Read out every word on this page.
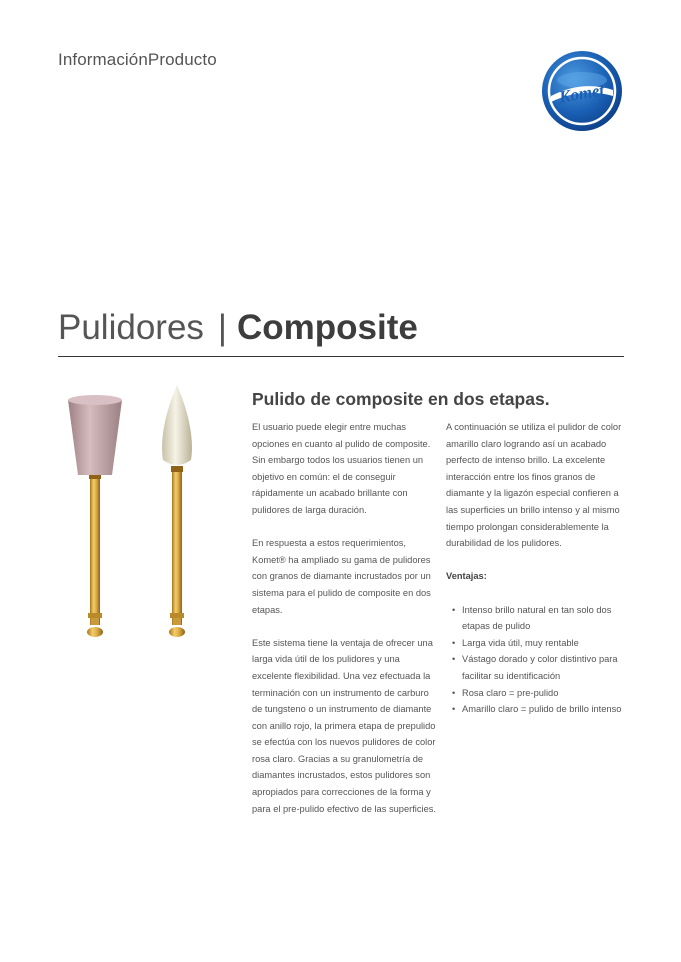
InformaciónProducto
Komet
Pulidores | Composite
Pulido de composite en dos etapas.

El usuario puede elegir entre muchas opciones en cuanto al pulido de composite. Sin embargo todos los usuarios tienen un objetivo en común: el de conseguir rápidamente un acabado brillante con pulidores de larga duración.

En respuesta a estos requerimientos, Komet® ha ampliado su gama de pulidores con granos de diamante incrustados por un sistema para el pulido de composite en dos etapas.

Este sistema tiene la ventaja de ofrecer una larga vida útil de los pulidores y una excelente flexibilidad. Una vez efectuada la terminación con un instrumento de carburo de tungsteno o un instrumento de diamante con anillo rojo, la primera etapa de prepulido se efectúa con los nuevos pulidores de color rosa claro. Gracias a su granulometría de diamantes incrustados, estos pulidores son apropiados para correcciones de la forma y para el pre-pulido efectivo de las superficies.

A continuación se utiliza el pulidor de color amarillo claro logrando así un acabado perfecto de intenso brillo. La excelente interacción entre los finos granos de diamante y la ligazón especial confieren a las superficies un brillo intenso y al mismo tiempo prolongan considerablemente la durabilidad de los pulidores.

Ventajas:

• Intenso brillo natural en tan solo dos etapas de pulido
• Larga vida útil, muy rentable
• Vástago dorado y color distintivo para facilitar su identificación
• Rosa claro = pre-pulido
• Amarillo claro = pulido de brillo intenso
